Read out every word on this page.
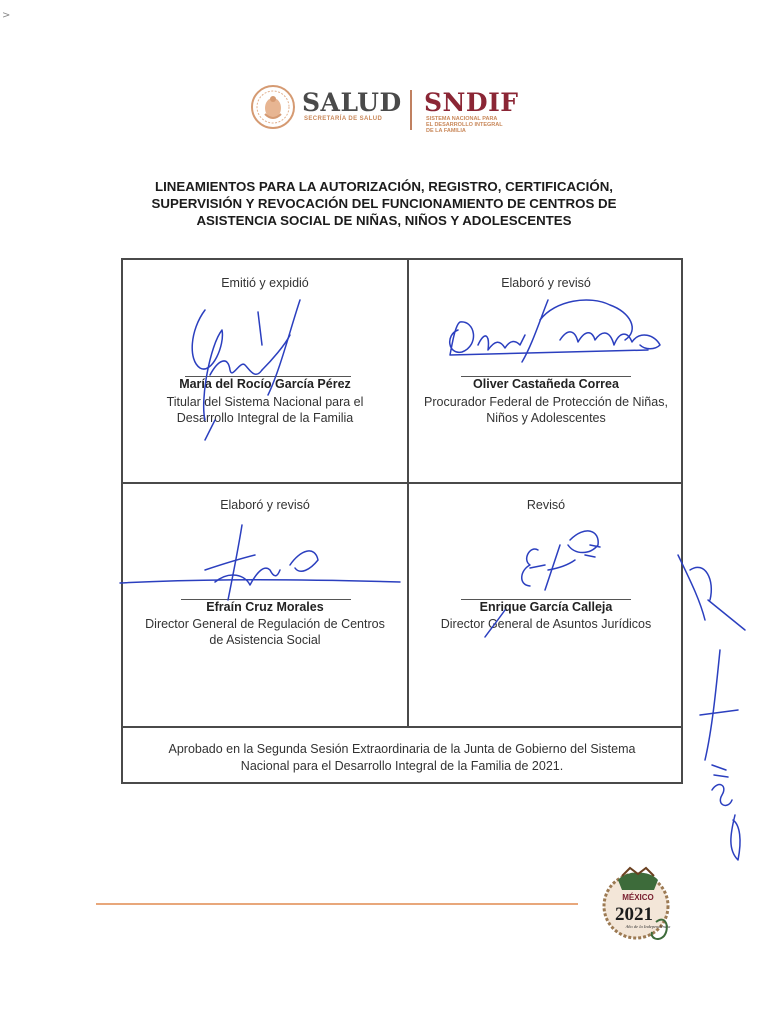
>
SALUD
SECRETARÍA DE SALUD
SNDIF
SISTEMA NACIONAL PARA
EL DESARROLLO INTEGRAL
DE LA FAMILIA
LINEAMIENTOS PARA LA AUTORIZACIÓN, REGISTRO, CERTIFICACIÓN,
SUPERVISIÓN Y REVOCACIÓN DEL FUNCIONAMIENTO DE CENTROS DE
ASISTENCIA SOCIAL DE NIÑAS, NIÑOS Y ADOLESCENTES
Emitió y expidió
María del Rocío García Pérez
Titular del Sistema Nacional para el
Desarrollo Integral de la Familia
Elaboró y revisó
Oliver Castañeda Correa
Procurador Federal de Protección de Niñas,
Niños y Adolescentes
Elaboró y revisó
Efraín Cruz Morales
Director General de Regulación de Centros
de Asistencia Social
Revisó
Enrique García Calleja
Director General de Asuntos Jurídicos
Aprobado en la Segunda Sesión Extraordinaria de la Junta de Gobierno del Sistema
Nacional para el Desarrollo Integral de la Familia de 2021.
MÉXICO
2021
Año de la Independencia
